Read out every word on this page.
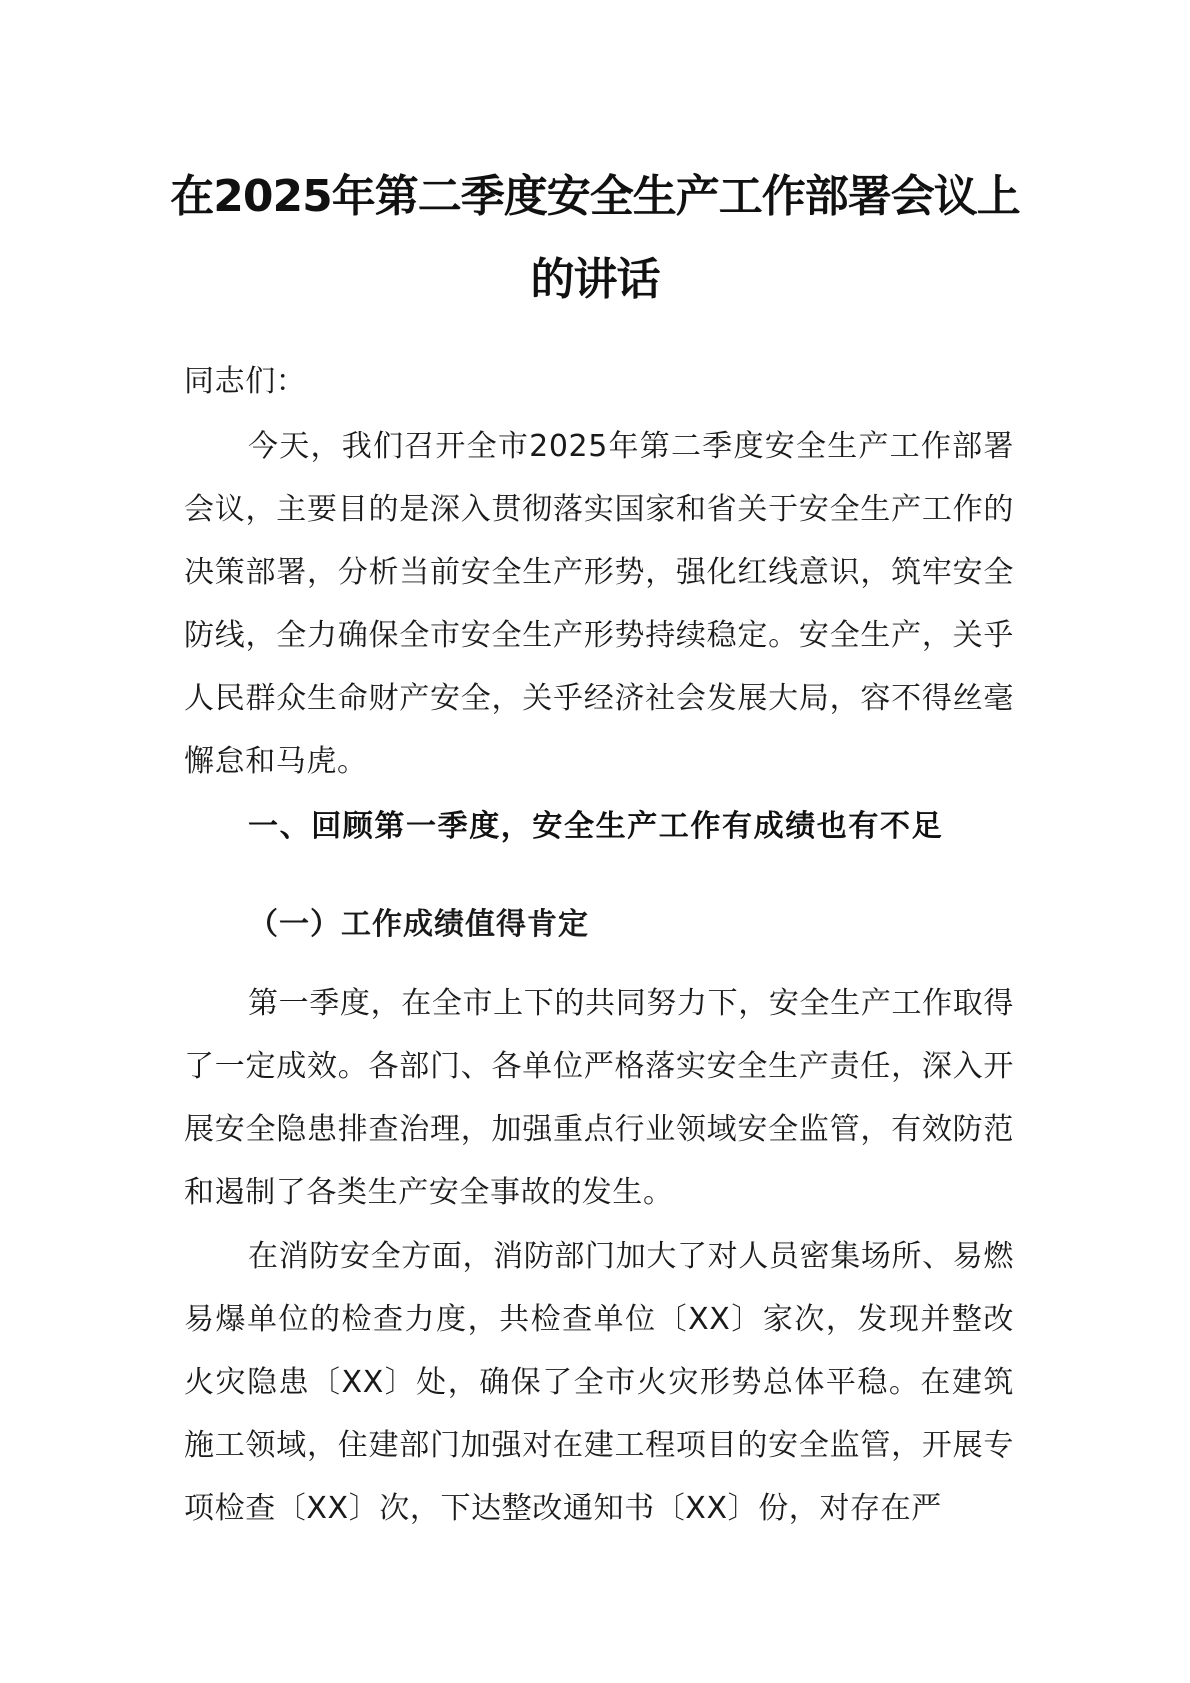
在2025年第二季度安全生产工作部署会议上
的讲话

同志们：

今天，我们召开全市2025年第二季度安全生产工作部署会议，主要目的是深入贯彻落实国家和省关于安全生产工作的决策部署，分析当前安全生产形势，强化红线意识，筑牢安全防线，全力确保全市安全生产形势持续稳定。安全生产，关乎人民群众生命财产安全，关乎经济社会发展大局，容不得丝毫懈怠和马虎。

一、回顾第一季度，安全生产工作有成绩也有不足
（一）工作成绩值得肯定

第一季度，在全市上下的共同努力下，安全生产工作取得了一定成效。各部门、各单位严格落实安全生产责任，深入开展安全隐患排查治理，加强重点行业领域安全监管，有效防范和遏制了各类生产安全事故的发生。

在消防安全方面，消防部门加大了对人员密集场所、易燃易爆单位的检查力度，共检查单位〔XX〕家次，发现并整改火灾隐患〔XX〕处，确保了全市火灾形势总体平稳。在建筑施工领域，住建部门加强对在建工程项目的安全监管，开展专项检查〔XX〕次，下达整改通知书〔XX〕份，对存在严
